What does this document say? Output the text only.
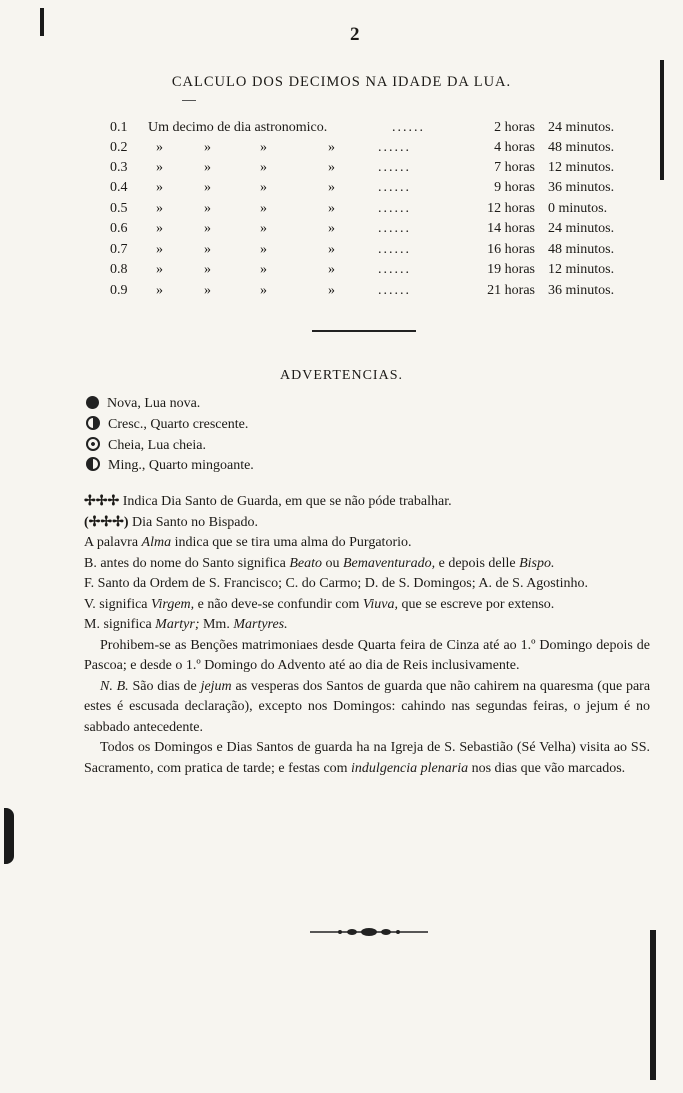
2
CALCULO DOS DECIMOS NA IDADE DA LUA.
0.1 Um decimo de dia astronomico.	......	2 horas 24 minutos.
0.2 »	»	»	»	......	4 horas 48 minutos.
0.3 »	»	»	»	......	7 horas 12 minutos.
0.4 »	»	»	»	......	9 horas 36 minutos.
0.5 »	»	»	»	......	12 horas 0 minutos.
0.6 »	»	»	»	......	14 horas 24 minutos.
0.7 »	»	»	»	......	16 horas 48 minutos.
0.8 »	»	»	»	......	19 horas 12 minutos.
0.9 »	»	»	»	......	21 horas 36 minutos.
ADVERTENCIAS.
Nova, Lua nova.
Cresc., Quarto crescente.
Cheia, Lua cheia.
Ming., Quarto mingoante.

✢✢✢ Indica Dia Santo de Guarda, em que se não póde trabalhar.

(✢✢✢) Dia Santo no Bispado.

A palavra Alma indica que se tira uma alma do Purgatorio.

B. antes do nome do Santo significa Beato ou Bemaventurado, e depois delle Bispo.

F. Santo da Ordem de S. Francisco; C. do Carmo; D. de S. Domingos; A. de S. Agostinho.

V. significa Virgem, e não deve-se confundir com Viuva, que se escreve por extenso.

M. significa Martyr; Mm. Martyres.

Prohibem-se as Benções matrimoniaes desde Quarta feira de Cinza até ao 1.º Domingo depois de Pascoa; e desde o 1.º Domingo do Advento até ao dia de Reis inclusivamente.

N. B. São dias de jejum as vesperas dos Santos de guarda que não cahirem na quaresma (que para estes é escusada declaração), excepto nos Domingos: cahindo nas segundas feiras, o jejum é no sabbado antecedente.

Todos os Domingos e Dias Santos de guarda ha na Igreja de S. Sebastião (Sé Velha) visita ao SS. Sacramento, com pratica de tarde; e festas com indulgencia plenaria nos dias que vão marcados.
